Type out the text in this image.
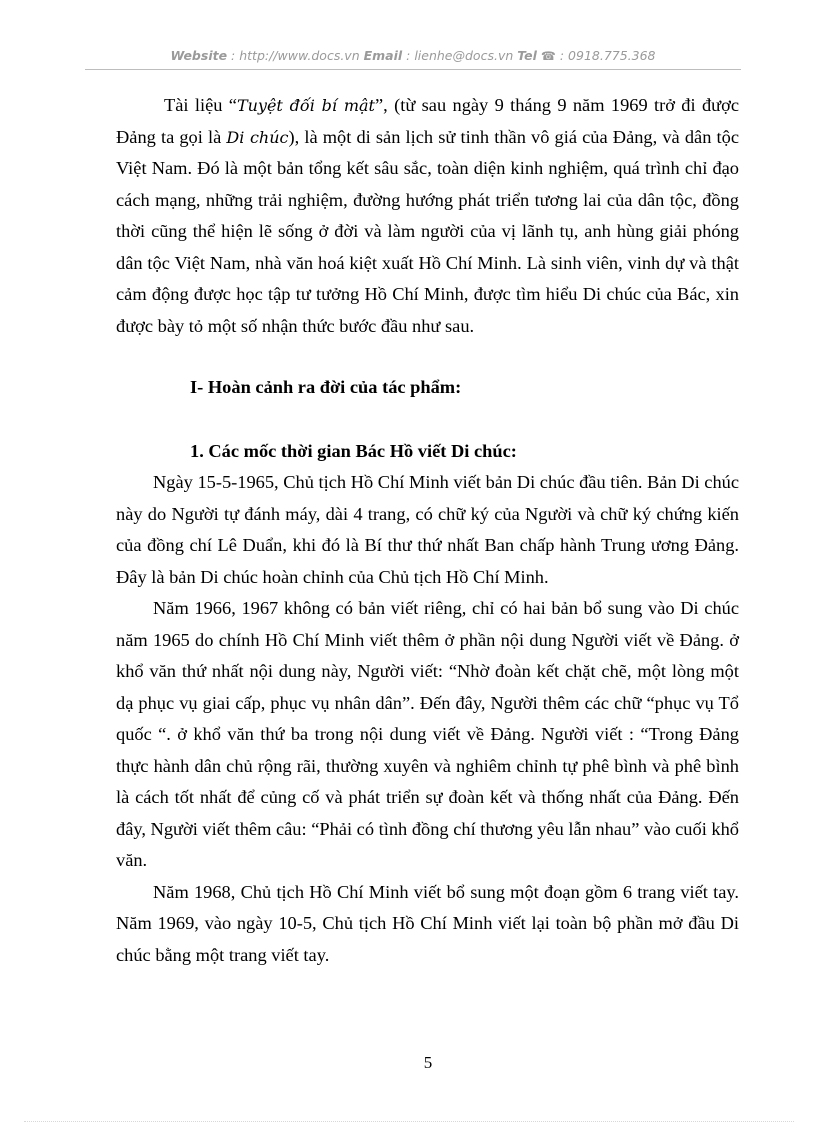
Website : http://www.docs.vn Email : lienhe@docs.vn Tel ☎ : 0918.775.368

Tài liệu “Tuyệt đối bí mật”, (từ sau ngày 9 tháng 9 năm 1969 trở đi được Đảng ta gọi là Di chúc), là một di sản lịch sử tinh thần vô giá của Đảng, và dân tộc Việt Nam. Đó là một bản tổng kết sâu sắc, toàn diện kinh nghiệm, quá trình chỉ đạo cách mạng, những trải nghiệm, đường hướng phát triển tương lai của dân tộc, đồng thời cũng thể hiện lẽ sống ở đời và làm người của vị lãnh tụ, anh hùng giải phóng dân tộc Việt Nam, nhà văn hoá kiệt xuất Hồ Chí Minh. Là sinh viên, vinh dự và thật cảm động được học tập tư tưởng Hồ Chí Minh, được tìm hiểu Di chúc của Bác, xin được bày tỏ một số nhận thức bước đầu như sau.

I- Hoàn cảnh ra đời của tác phẩm:

1. Các mốc thời gian Bác Hồ viết Di chúc:

Ngày 15-5-1965, Chủ tịch Hồ Chí Minh viết bản Di chúc đầu tiên. Bản Di chúc này do Người tự đánh máy, dài 4 trang, có chữ ký của Người và chữ ký chứng kiến của đồng chí Lê Duẩn, khi đó là Bí thư thứ nhất Ban chấp hành Trung ương Đảng. Đây là bản Di chúc hoàn chỉnh của Chủ tịch Hồ Chí Minh.

Năm 1966, 1967 không có bản viết riêng, chỉ có hai bản bổ sung vào Di chúc năm 1965 do chính Hồ Chí Minh viết thêm ở phần nội dung Người viết về Đảng. ở khổ văn thứ nhất nội dung này, Người viết: “Nhờ đoàn kết chặt chẽ, một lòng một dạ phục vụ giai cấp, phục vụ nhân dân”. Đến đây, Người thêm các chữ “phục vụ Tổ quốc “. ở khổ văn thứ ba trong nội dung viết về Đảng. Người viết : “Trong Đảng thực hành dân chủ rộng rãi, thường xuyên và nghiêm chỉnh tự phê bình và phê bình là cách tốt nhất để củng cố và phát triển sự đoàn kết và thống nhất của Đảng. Đến đây, Người viết thêm câu: “Phải có tình đồng chí thương yêu lẫn nhau” vào cuối khổ văn.

Năm 1968, Chủ tịch Hồ Chí Minh viết bổ sung một đoạn gồm 6 trang viết tay. Năm 1969, vào ngày 10-5, Chủ tịch Hồ Chí Minh viết lại toàn bộ phần mở đầu Di chúc bằng một trang viết tay.

5
